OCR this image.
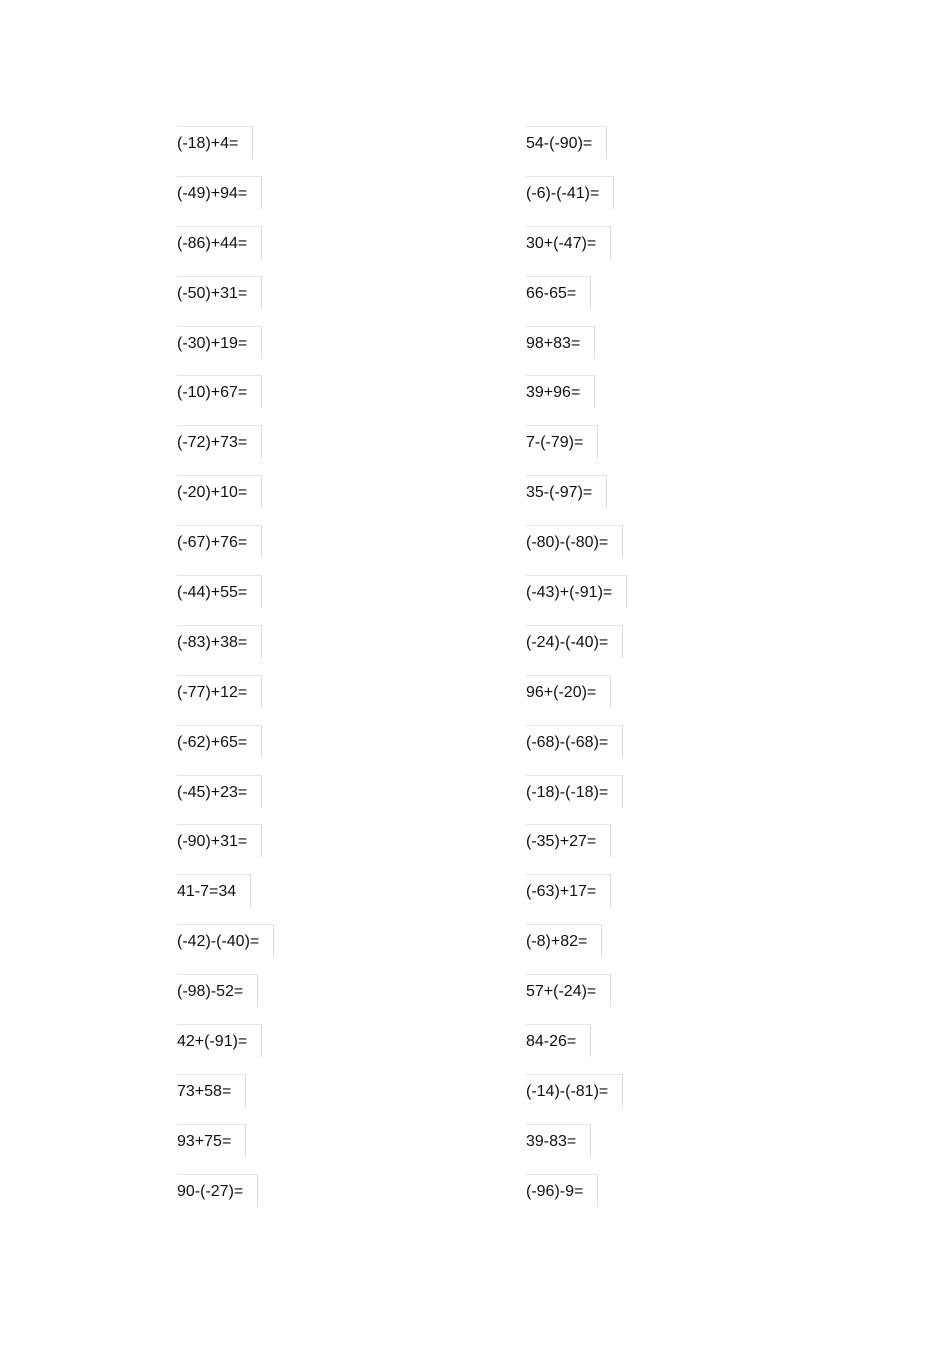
(-18)+4=
(-49)+94=
(-86)+44=
(-50)+31=
(-30)+19=
(-10)+67=
(-72)+73=
(-20)+10=
(-67)+76=
(-44)+55=
(-83)+38=
(-77)+12=
(-62)+65=
(-45)+23=
(-90)+31=
41-7=34
(-42)-(-40)=
(-98)-52=
42+(-91)=
73+58=
93+75=
90-(-27)=
54-(-90)=
(-6)-(-41)=
30+(-47)=
66-65=
98+83=
39+96=
7-(-79)=
35-(-97)=
(-80)-(-80)=
(-43)+(-91)=
(-24)-(-40)=
96+(-20)=
(-68)-(-68)=
(-18)-(-18)=
(-35)+27=
(-63)+17=
(-8)+82=
57+(-24)=
84-26=
(-14)-(-81)=
39-83=
(-96)-9=
